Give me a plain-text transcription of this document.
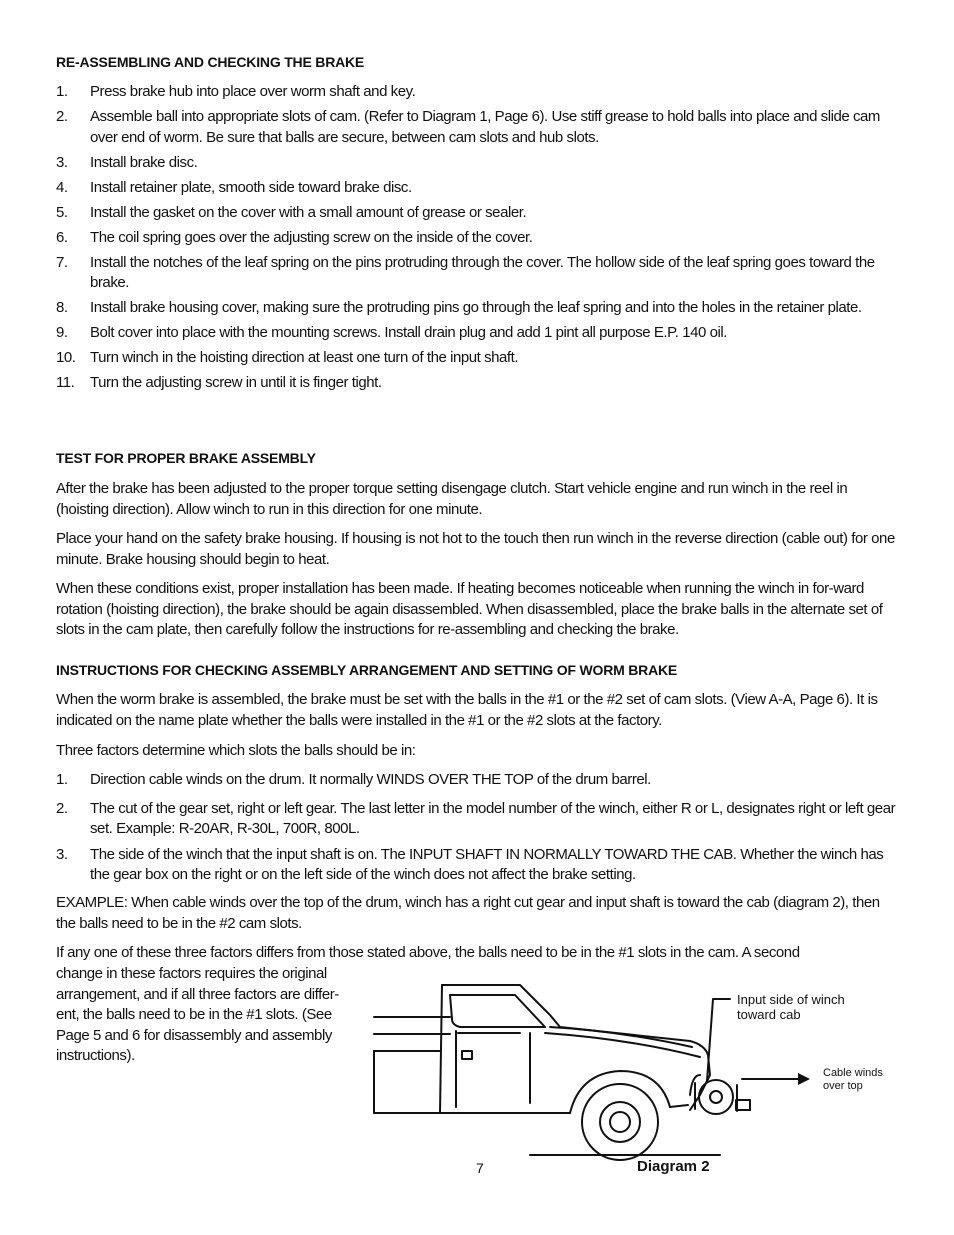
RE-ASSEMBLING AND CHECKING THE BRAKE

1.	Press brake hub into place over worm shaft and key.
2.	Assemble ball into appropriate slots of cam. (Refer to Diagram 1, Page 6). Use stiff grease to hold balls into place and slide cam over end of worm. Be sure that balls are secure, between cam slots and hub slots.
3.	Install brake disc.
4.	Install retainer plate, smooth side toward brake disc.
5.	Install the gasket on the cover with a small amount of grease or sealer.
6.	The coil spring goes over the adjusting screw on the inside of the cover.
7.	Install the notches of the leaf spring on the pins protruding through the cover. The hollow side of the leaf spring goes toward the brake.
8.	Install brake housing cover, making sure the protruding pins go through the leaf spring and into the holes in the retainer plate.
9.	Bolt cover into place with the mounting screws. Install drain plug and add 1 pint all purpose E.P. 140 oil.
10. Turn winch in the hoisting direction at least one turn of the input shaft.
11.	Turn the adjusting screw in until it is finger tight.

TEST FOR PROPER BRAKE ASSEMBLY

After the brake has been adjusted to the proper torque setting disengage clutch. Start vehicle engine and run winch in the reel in (hoisting direction). Allow winch to run in this direction for one minute.

Place your hand on the safety brake housing. If housing is not hot to the touch then run winch in the reverse direction (cable out) for one minute. Brake housing should begin to heat.

When these conditions exist, proper installation has been made. If heating becomes noticeable when running the winch in for-ward rotation (hoisting direction), the brake should be again disassembled. When disassembled, place the brake balls in the alternate set of slots in the cam plate, then carefully follow the instructions for re-assembling and checking the brake.

INSTRUCTIONS FOR CHECKING ASSEMBLY ARRANGEMENT AND SETTING OF WORM BRAKE

When the worm brake is assembled, the brake must be set with the balls in the #1 or the #2 set of cam slots. (View A-A, Page 6). It is indicated on the name plate whether the balls were installed in the #1 or the #2 slots at the factory.

Three factors determine which slots the balls should be in:

1.	Direction cable winds on the drum. It normally WINDS OVER THE TOP of the drum barrel.
2.	The cut of the gear set, right or left gear. The last letter in the model number of the winch, either R or L, designates right or left gear set. Example: R-20AR, R-30L, 700R, 800L.
3.	The side of the winch that the input shaft is on. The INPUT SHAFT IN NORMALLY TOWARD THE CAB. Whether the winch has the gear box on the right or on the left side of the winch does not affect the brake setting.

EXAMPLE: When cable winds over the top of the drum, winch has a right cut gear and input shaft is toward the cab (diagram 2), then the balls need to be in the #2 cam slots.

If any one of these three factors differs from those stated above, the balls need to be in the #1 slots in the cam. A second

change in these factors requires the original
arrangement, and if all three factors are differ-
ent, the balls need to be in the #1 slots. (See
Page 5 and 6 for disassembly and assembly
instructions).
Input side of winch
toward cab
Cable winds
over top
Diagram 2
7
